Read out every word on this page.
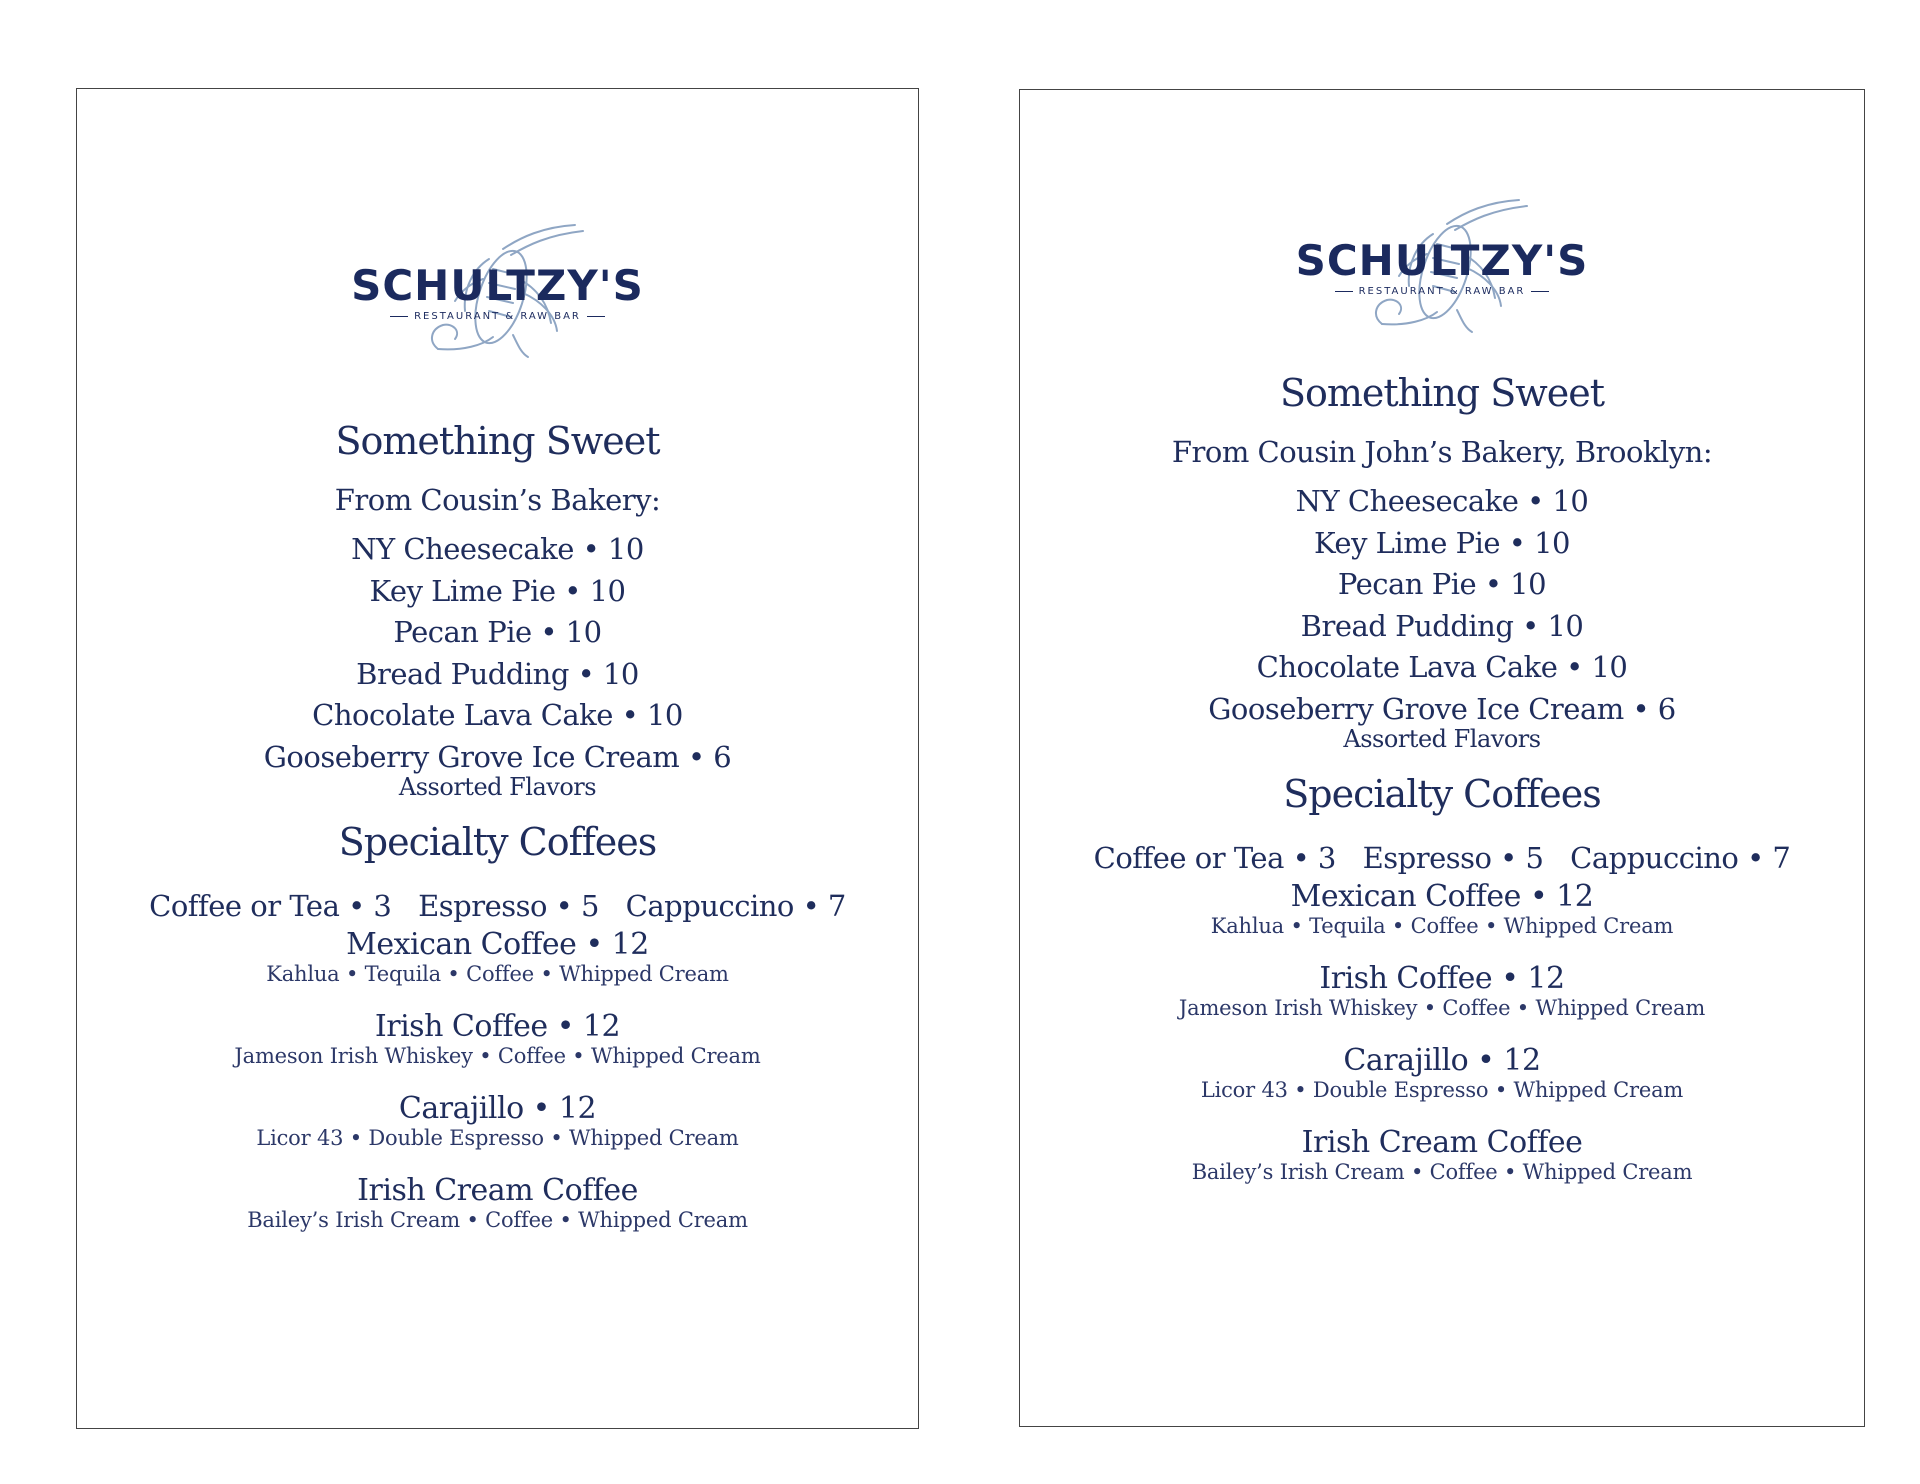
SCHULTZY'S
RESTAURANT & RAW BAR
Something Sweet
From Cousin’s Bakery:
NY Cheesecake • 10
Key Lime Pie • 10
Pecan Pie • 10
Bread Pudding • 10
Chocolate Lava Cake • 10
Gooseberry Grove Ice Cream • 6
Assorted Flavors
Specialty Coffees
Coffee or Tea • 3 Espresso • 5 Cappuccino • 7
Mexican Coffee • 12
Kahlua • Tequila • Coffee • Whipped Cream
Irish Coffee • 12
Jameson Irish Whiskey • Coffee • Whipped Cream
Carajillo • 12
Licor 43 • Double Espresso • Whipped Cream
Irish Cream Coffee
Bailey’s Irish Cream • Coffee • Whipped Cream
SCHULTZY'S
RESTAURANT & RAW BAR
Something Sweet
From Cousin John’s Bakery, Brooklyn:
NY Cheesecake • 10
Key Lime Pie • 10
Pecan Pie • 10
Bread Pudding • 10
Chocolate Lava Cake • 10
Gooseberry Grove Ice Cream • 6
Assorted Flavors
Specialty Coffees
Coffee or Tea • 3 Espresso • 5 Cappuccino • 7
Mexican Coffee • 12
Kahlua • Tequila • Coffee • Whipped Cream
Irish Coffee • 12
Jameson Irish Whiskey • Coffee • Whipped Cream
Carajillo • 12
Licor 43 • Double Espresso • Whipped Cream
Irish Cream Coffee
Bailey’s Irish Cream • Coffee • Whipped Cream
